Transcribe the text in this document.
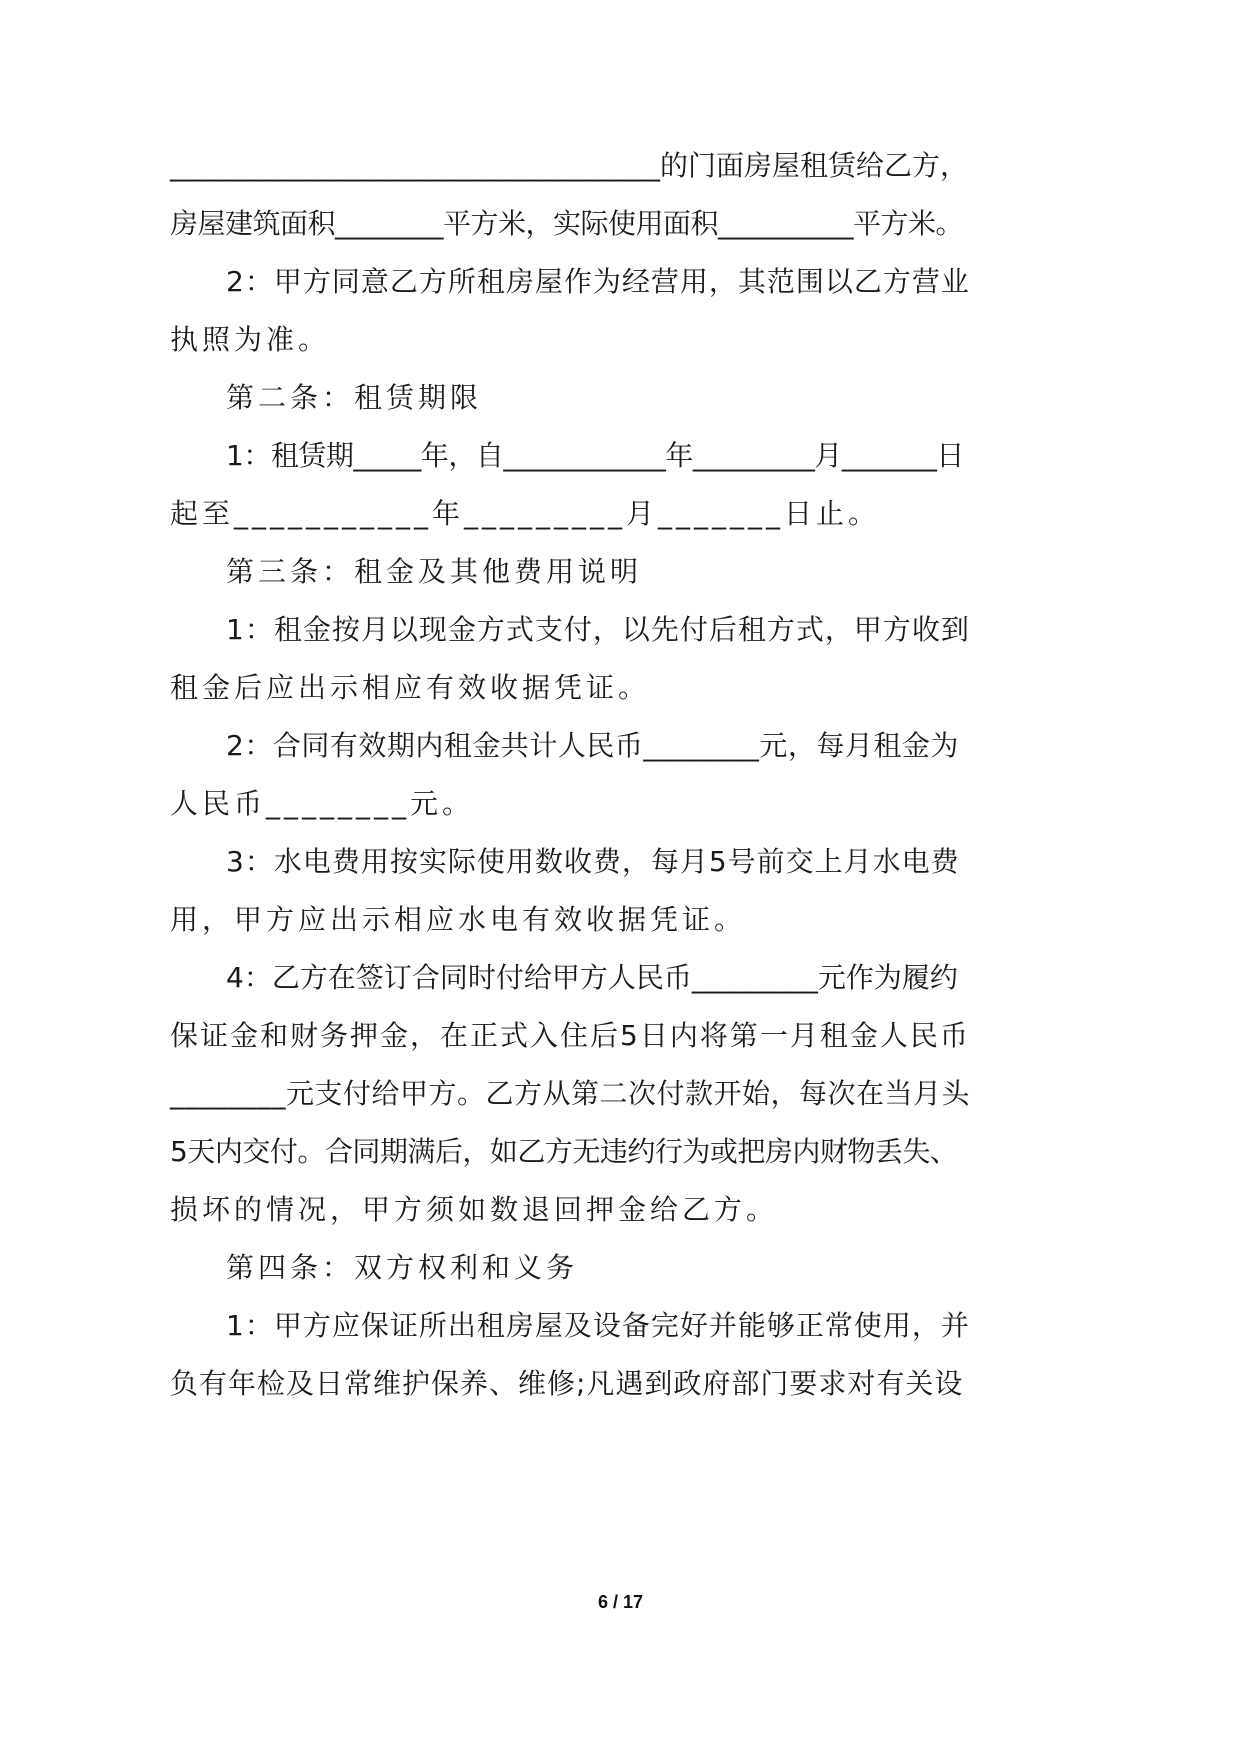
___________________________________的门面房屋租赁给乙方，
房屋建筑面积________平方米，实际使用面积__________平方米。
2：甲方同意乙方所租房屋作为经营用，其范围以乙方营业
执照为准。
第二条：租赁期限
1：租赁期_____年，自____________年_________月_______日
起至___________年_________月_______日止。
第三条：租金及其他费用说明
1：租金按月以现金方式支付，以先付后租方式，甲方收到
租金后应出示相应有效收据凭证。
2：合同有效期内租金共计人民币________元，每月租金为
人民币________元。
3：水电费用按实际使用数收费，每月5号前交上月水电费
用，甲方应出示相应水电有效收据凭证。
4：乙方在签订合同时付给甲方人民币_________元作为履约
保证金和财务押金，在正式入住后5日内将第一月租金人民币
________元支付给甲方。乙方从第二次付款开始，每次在当月头
5天内交付。合同期满后，如乙方无违约行为或把房内财物丢失、
损坏的情况，甲方须如数退回押金给乙方。
第四条：双方权利和义务
1：甲方应保证所出租房屋及设备完好并能够正常使用，并
负有年检及日常维护保养、维修;凡遇到政府部门要求对有关设
6 / 17
